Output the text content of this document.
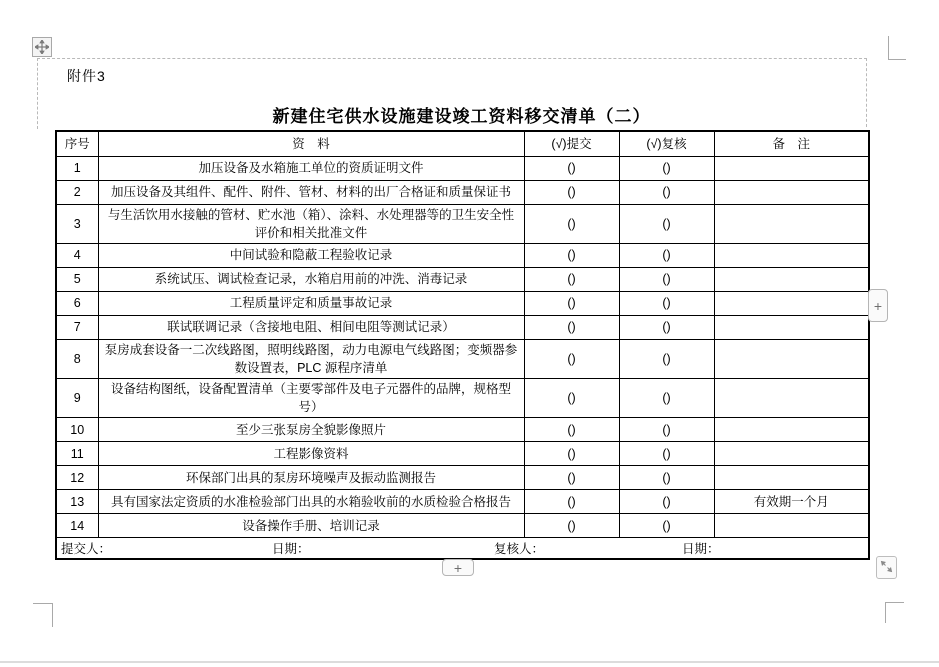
附件3
新建住宅供水设施建设竣工资料移交清单（二）
序号	资　料	(√)提交	(√)复核	备　注
1	加压设备及水箱施工单位的资质证明文件	()	()	
2	加压设备及其组件、配件、附件、管材、材料的出厂合格证和质量保证书	()	()	
3	与生活饮用水接触的管材、贮水池（箱）、涂料、水处理器等的卫生安全性评价和相关批准文件	()	()	
4	中间试验和隐蔽工程验收记录	()	()	
5	系统试压、调试检查记录，水箱启用前的冲洗、消毒记录	()	()	
6	工程质量评定和质量事故记录	()	()	
7	联试联调记录（含接地电阻、相间电阻等测试记录）	()	()	
8	泵房成套设备一二次线路图，照明线路图，动力电源电气线路图；变频器参数设置表，PLC 源程序清单	()	()	
9	设备结构图纸，设备配置清单（主要零部件及电子元器件的品牌，规格型号）	()	()	
10	至少三张泵房全貌影像照片	()	()	
11	工程影像资料	()	()	
12	环保部门出具的泵房环境噪声及振动监测报告	()	()	
13	具有国家法定资质的水准检验部门出具的水箱验收前的水质检验合格报告	()	()	有效期一个月
14	设备操作手册、培训记录	()	()	

提交人： 日期： 复核人： 日期：				
+
+
